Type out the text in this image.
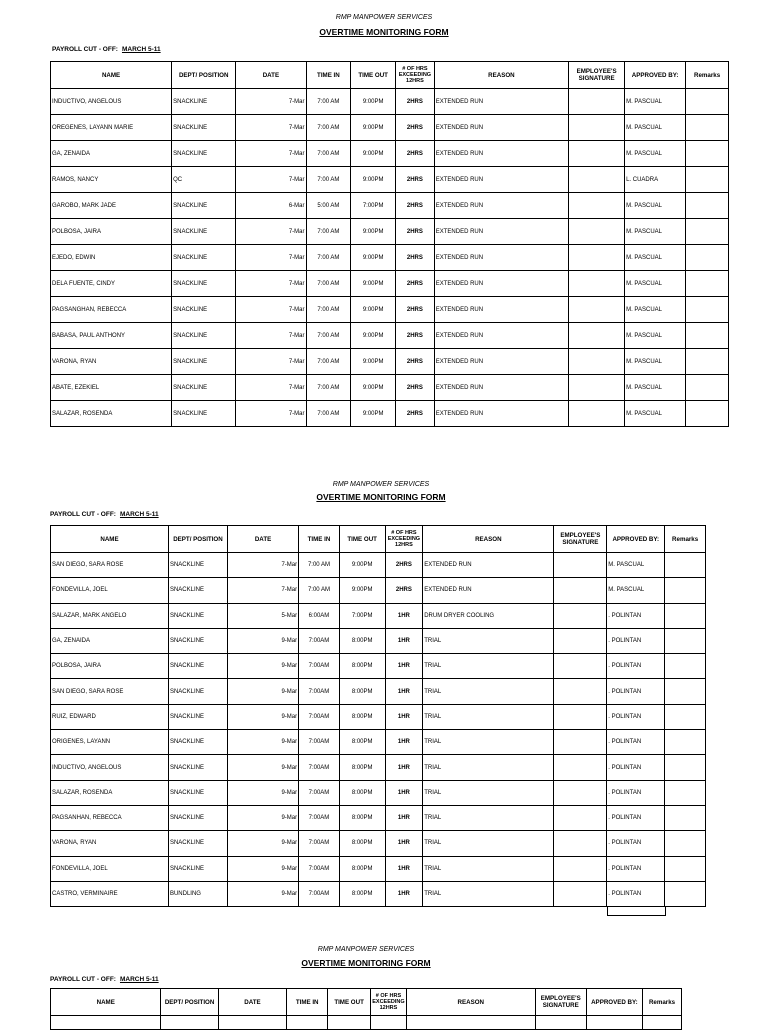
RMP MANPOWER SERVICES
OVERTIME MONITORING FORM
PAYROLL CUT - OFF: MARCH 5-11
NAME	DEPT/ POSITION	DATE	TIME IN	TIME OUT	# OF HRS EXCEEDING 12HRS	REASON	EMPLOYEE'S SIGNATURE	APPROVED BY:	Remarks
INDUCTIVO, ANGELOUS	SNACKLINE	7-Mar	7:00 AM	9:00PM	2HRS	EXTENDED RUN		M. PASCUAL	
OREGENES, LAYANN MARIE	SNACKLINE	7-Mar	7:00 AM	9:00PM	2HRS	EXTENDED RUN		M. PASCUAL	
GA, ZENAIDA	SNACKLINE	7-Mar	7:00 AM	9:00PM	2HRS	EXTENDED RUN		M. PASCUAL	
RAMOS, NANCY	QC	7-Mar	7:00 AM	9:00PM	2HRS	EXTENDED RUN		L. CUADRA	
GAROBO, MARK JADE	SNACKLINE	6-Mar	5:00 AM	7:00PM	2HRS	EXTENDED RUN		M. PASCUAL	
POLBOSA, JAIRA	SNACKLINE	7-Mar	7:00 AM	9:00PM	2HRS	EXTENDED RUN		M. PASCUAL	
EJEDO, EDWIN	SNACKLINE	7-Mar	7:00 AM	9:00PM	2HRS	EXTENDED RUN		M. PASCUAL	
DELA FUENTE, CINDY	SNACKLINE	7-Mar	7:00 AM	9:00PM	2HRS	EXTENDED RUN		M. PASCUAL	
PAGSANGHAN, REBECCA	SNACKLINE	7-Mar	7:00 AM	9:00PM	2HRS	EXTENDED RUN		M. PASCUAL	
BABASA, PAUL ANTHONY	SNACKLINE	7-Mar	7:00 AM	9:00PM	2HRS	EXTENDED RUN		M. PASCUAL	
VARONA, RYAN	SNACKLINE	7-Mar	7:00 AM	9:00PM	2HRS	EXTENDED RUN		M. PASCUAL	
ABATE, EZEKIEL	SNACKLINE	7-Mar	7:00 AM	9:00PM	2HRS	EXTENDED RUN		M. PASCUAL	
SALAZAR, ROSENDA	SNACKLINE	7-Mar	7:00 AM	9:00PM	2HRS	EXTENDED RUN		M. PASCUAL	
RMP MANPOWER SERVICES
OVERTIME MONITORING FORM
PAYROLL CUT - OFF: MARCH 5-11
NAME	DEPT/ POSITION	DATE	TIME IN	TIME OUT	# OF HRS EXCEEDING 12HRS	REASON	EMPLOYEE'S SIGNATURE	APPROVED BY:	Remarks
SAN DIEGO, SARA ROSE	SNACKLINE	7-Mar	7:00 AM	9:00PM	2HRS	EXTENDED RUN		M. PASCUAL	
FONDEVILLA, JOEL	SNACKLINE	7-Mar	7:00 AM	9:00PM	2HRS	EXTENDED RUN		M. PASCUAL	
SALAZAR, MARK ANGELO	SNACKLINE	5-Mar	6:00AM	7:00PM	1HR	DRUM DRYER COOLING		. POLINTAN	
GA, ZENAIDA	SNACKLINE	9-Mar	7:00AM	8:00PM	1HR	TRIAL		. POLINTAN	
POLBOSA, JAIRA	SNACKLINE	9-Mar	7:00AM	8:00PM	1HR	TRIAL		. POLINTAN	
SAN DIEGO, SARA ROSE	SNACKLINE	9-Mar	7:00AM	8:00PM	1HR	TRIAL		. POLINTAN	
RUIZ, EDWARD	SNACKLINE	9-Mar	7:00AM	8:00PM	1HR	TRIAL		. POLINTAN	
ORIGENES, LAYANN	SNACKLINE	9-Mar	7:00AM	8:00PM	1HR	TRIAL		. POLINTAN	
INDUCTIVO, ANGELOUS	SNACKLINE	9-Mar	7:00AM	8:00PM	1HR	TRIAL		. POLINTAN	
SALAZAR, ROSENDA	SNACKLINE	9-Mar	7:00AM	8:00PM	1HR	TRIAL		. POLINTAN	
PAGSANHAN, REBECCA	SNACKLINE	9-Mar	7:00AM	8:00PM	1HR	TRIAL		. POLINTAN	
VARONA, RYAN	SNACKLINE	9-Mar	7:00AM	8:00PM	1HR	TRIAL		. POLINTAN	
FONDEVILLA, JOEL	SNACKLINE	9-Mar	7:00AM	8:00PM	1HR	TRIAL		. POLINTAN	
CASTRO, VERMINAIRE	BUNDLING	9-Mar	7:00AM	8:00PM	1HR	TRIAL		. POLINTAN	
RMP MANPOWER SERVICES
OVERTIME MONITORING FORM
PAYROLL CUT - OFF: MARCH 5-11
NAME	DEPT/ POSITION	DATE	TIME IN	TIME OUT	# OF HRS EXCEEDING 12HRS	REASON	EMPLOYEE'S SIGNATURE	APPROVED BY:	Remarks
